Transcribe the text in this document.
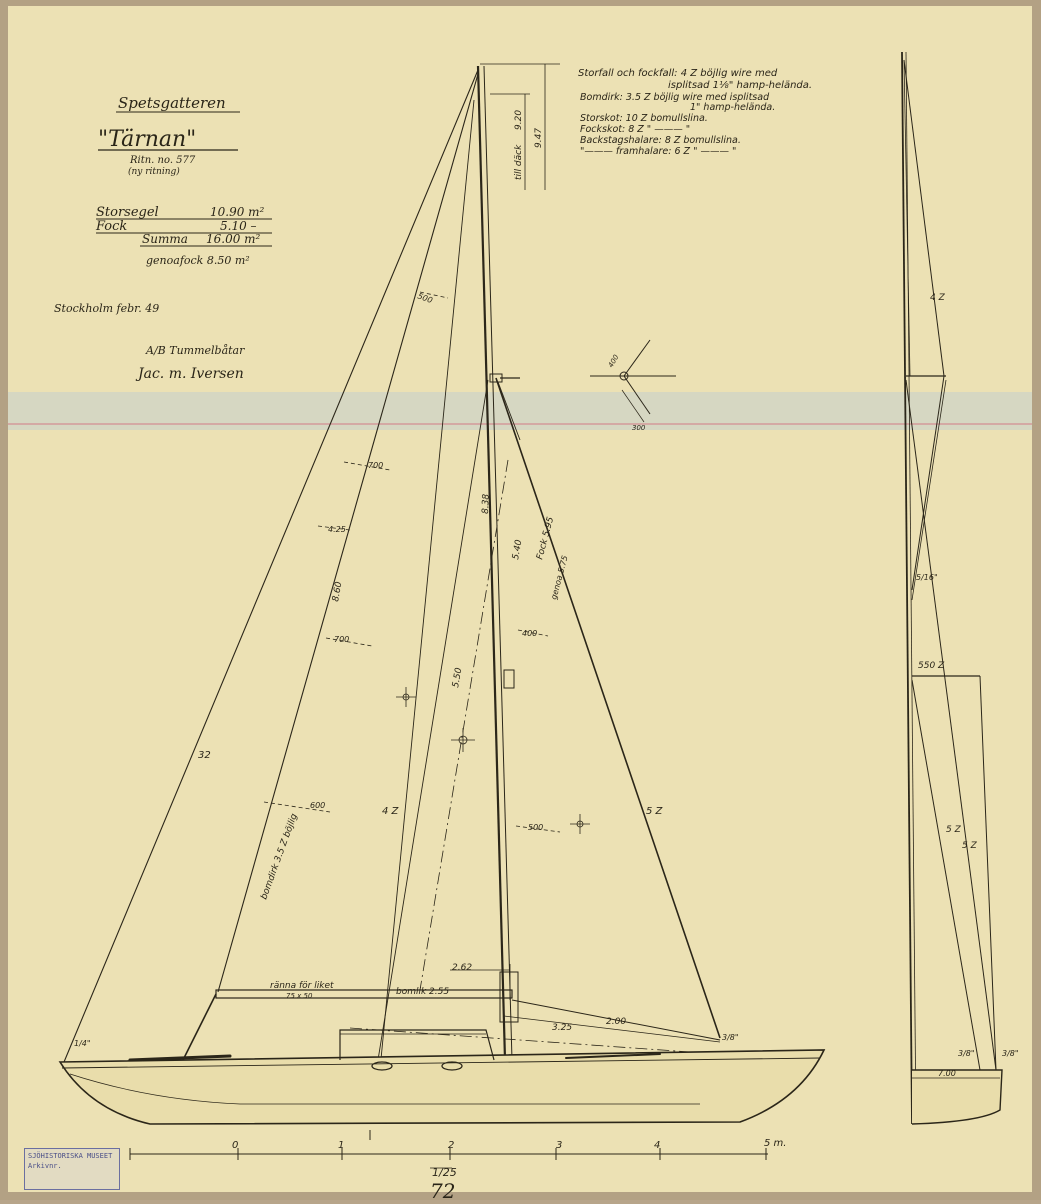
Spetsgatteren
"Tärnan"
Ritn. no. 577
(ny ritning)
Storsegel	10.90 m²
Fock	5.10 –
Summa 16.00 m²
genoafock 8.50 m²
Stockholm febr. 49
A/B Tummelbåtar
Jac. m. Iversen
Storfall och fockfall: 4 Z böjlig wire med
isplitsad 1⅛" hamp-helända.
Bomdirk: 3.5 Z böjlig wire med isplitsad
1" hamp-helända.
Storskot: 10 Z bomullslina.
Fockskot: 8 Z " ——— "
Backstagshalare: 8 Z bomullslina.
"——— framhalare: 6 Z " ——— "
till däck
9.20
9.47
500
700
4.25
8.60
700
8.38
5.40 Fock 5.95
genoa 5.75
400
5.50
32
600
bomdirk 3.5 Z böjlig
4 Z
500
5 Z
2.62
ränna för liket
75 x 50	bomlik 2.55
3.25
2.00
3/8"
1/4"
400
300
4 Z
5/16"
550 Z
5 Z
5 Z
3/8"	3/8"
7.00
0	1	2	3	4	5 m.
1/25
72
SJÖHISTORISKA MUSEET
Arkivnr.
